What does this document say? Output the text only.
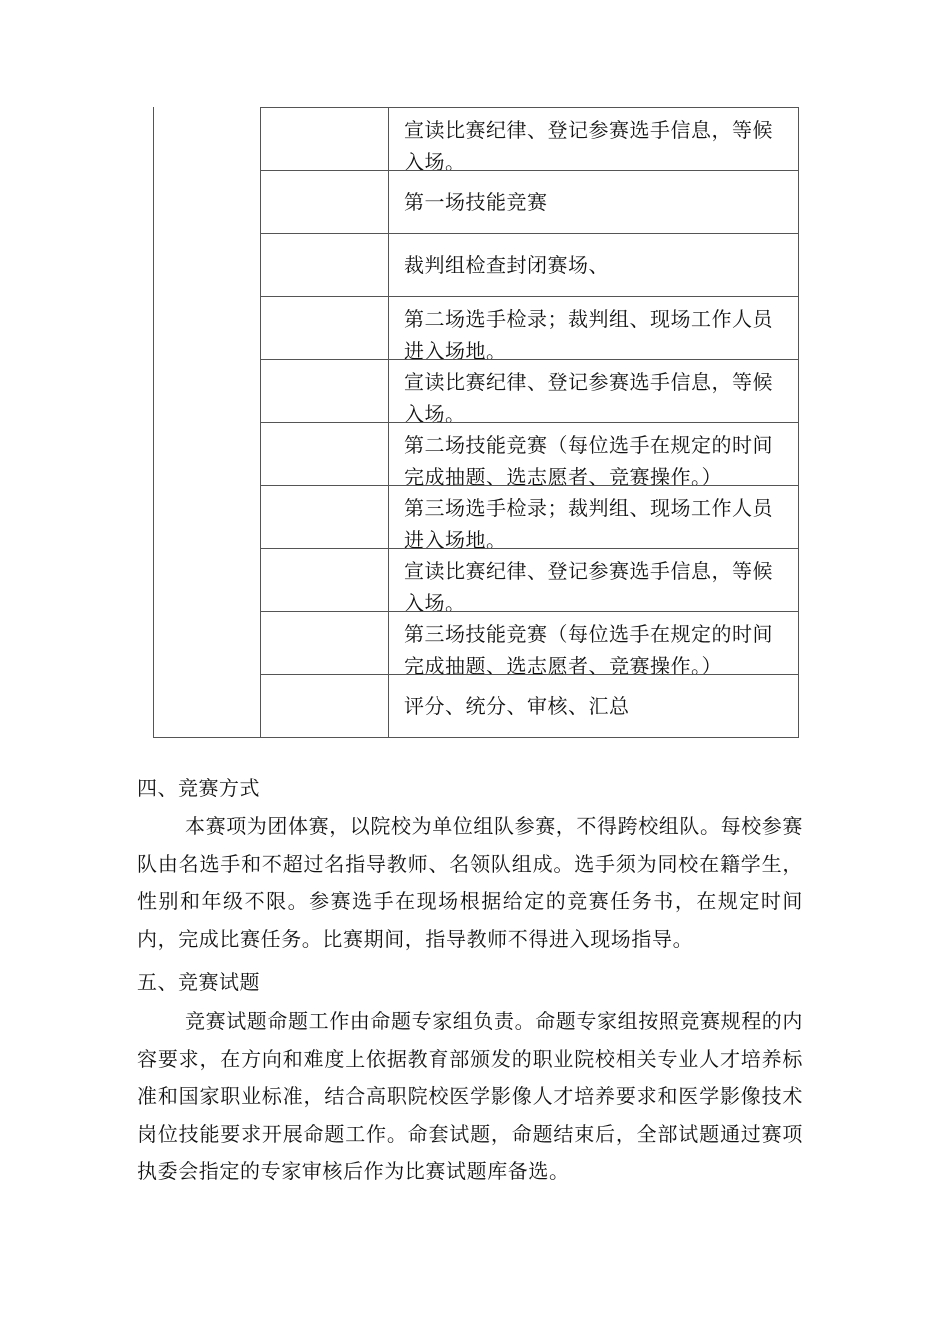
宣读比赛纪律、登记参赛选手信息，等候入场。
第一场技能竞赛
裁判组检查封闭赛场、
第二场选手检录；裁判组、现场工作人员进入场地。
宣读比赛纪律、登记参赛选手信息，等候入场。
第二场技能竞赛（每位选手在规定的时间完成抽题、选志愿者、竞赛操作。）
第三场选手检录；裁判组、现场工作人员进入场地。
宣读比赛纪律、登记参赛选手信息，等候入场。
第三场技能竞赛（每位选手在规定的时间完成抽题、选志愿者、竞赛操作。）
评分、统分、审核、汇总
四、竞赛方式

本赛项为团体赛，以院校为单位组队参赛，不得跨校组队。每校参赛队由名选手和不超过名指导教师、名领队组成。选手须为同校在籍学生，性别和年级不限。参赛选手在现场根据给定的竞赛任务书，在规定时间内，完成比赛任务。比赛期间，指导教师不得进入现场指导。

五、竞赛试题

竞赛试题命题工作由命题专家组负责。命题专家组按照竞赛规程的内容要求，在方向和难度上依据教育部颁发的职业院校相关专业人才培养标准和国家职业标准，结合高职院校医学影像人才培养要求和医学影像技术岗位技能要求开展命题工作。命套试题，命题结束后，全部试题通过赛项执委会指定的专家审核后作为比赛试题库备选。
